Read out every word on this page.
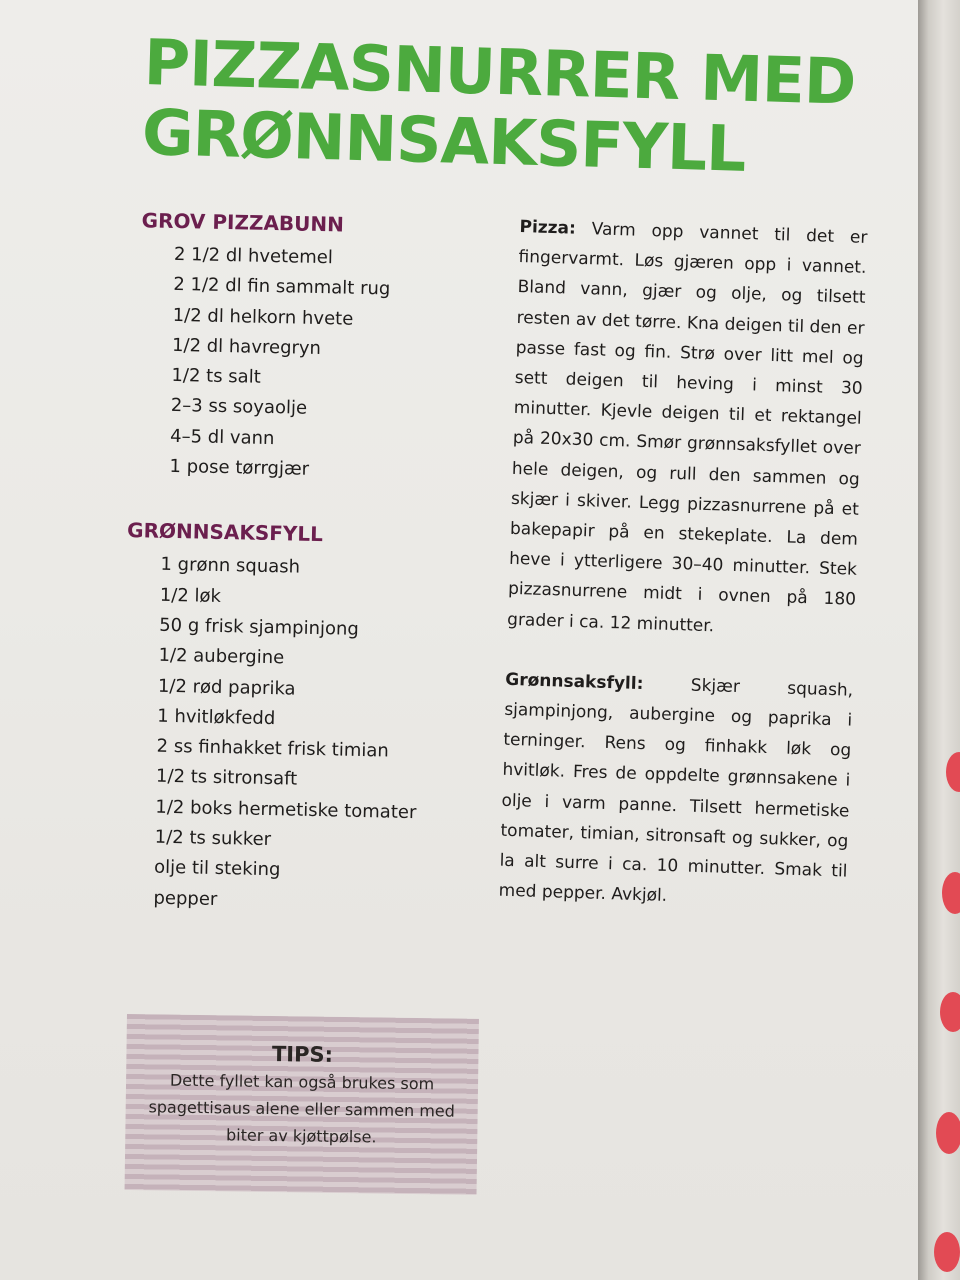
PIZZASNURRER MED
GRØNNSAKSFYLL
GROV PIZZABUNN
2 1/2 dl hvetemel
2 1/2 dl fin sammalt rug
1/2 dl helkorn hvete
1/2 dl havregryn
1/2 ts salt
2–3 ss soyaolje
4–5 dl vann
1 pose tørrgjær
GRØNNSAKSFYLL
1 grønn squash
1/2 løk
50 g frisk sjampinjong
1/2 aubergine
1/2 rød paprika
1 hvitløkfedd
2 ss finhakket frisk timian
1/2 ts sitronsaft
1/2 boks hermetiske tomater
1/2 ts sukker
olje til steking
pepper

Pizza: Varm opp vannet til det er fingervarmt. Løs gjæren opp i vannet. Bland vann, gjær og olje, og tilsett resten av det tørre. Kna deigen til den er passe fast og fin. Strø over litt mel og sett deigen til heving i minst 30 minutter. Kjevle deigen til et rektangel på 20x30 cm. Smør grønnsaksfyllet over hele deigen, og rull den sammen og skjær i skiver. Legg pizzasnurrene på et bakepapir på en stekeplate. La dem heve i ytterligere 30–40 minutter. Stek pizzasnurrene midt i ovnen på 180 grader i ca. 12 minutter.

Grønnsaksfyll:	Skjær squash, sjampinjong, aubergine og paprika i terninger. Rens og finhakk løk og hvitløk. Fres de oppdelte grønnsakene i olje i varm panne. Tilsett hermetiske tomater, timian, sitronsaft og sukker, og la alt surre i ca. 10 minutter. Smak til med pepper. Avkjøl.

TIPS:

Dette fyllet kan også brukes som spagettisaus alene eller sammen med biter av kjøttpølse.
